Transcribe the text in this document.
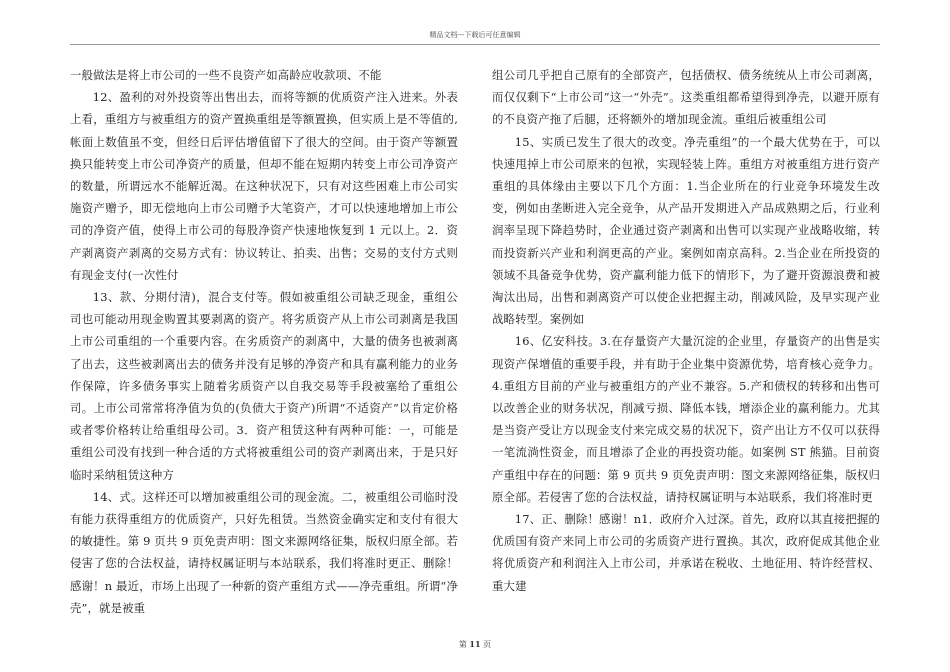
精品文档---下载后可任意编辑

一般做法是将上市公司的一些不良资产如高龄应收款项、不能

12、盈利的对外投资等出售出去，而将等额的优质资产注入进来。外表上看，重组方与被重组方的资产置换重组是等额置换，但实质上是不等值的,帐面上数值虽不变，但经日后评估增值留下了很大的空间。由于资产等额置换只能转变上市公司净资产的质量，但却不能在短期内转变上市公司净资产的数量，所谓远水不能解近渴。在这种状况下，只有对这些困难上市公司实施资产赠予，即无偿地向上市公司赠予大笔资产，才可以快速地增加上市公司的净资产值，使得上市公司的每股净资产快速地恢复到 1 元以上。2．资产剥离资产剥离的交易方式有：协议转让、拍卖、出售；交易的支付方式则有现金支付(一次性付

13、款、分期付清)，混合支付等。假如被重组公司缺乏现金，重组公司也可能动用现金购置其要剥离的资产。将劣质资产从上市公司剥离是我国上市公司重组的一个重要内容。在劣质资产的剥离中，大量的债务也被剥离了出去，这些被剥离出去的债务并没有足够的净资产和具有赢利能力的业务作保障，许多债务事实上随着劣质资产以自我交易等手段被塞给了重组公司。上市公司常常将净值为负的(负债大于资产)所谓“不适资产”以肯定价格或者零价格转让给重组母公司。3．资产租赁这种有两种可能：一，可能是重组公司没有找到一种合适的方式将被重组公司的资产剥离出来，于是只好临时采纳租赁这种方

14、式。这样还可以增加被重组公司的现金流。二，被重组公司临时没有能力获得重组方的优质资产，只好先租赁。当然资金确实定和支付有很大的敏捷性。第 9 页共 9 页免责声明：图文来源网络征集，版权归原全部。若侵害了您的合法权益，请持权属证明与本站联系，我们将准时更正、删除！感谢！n 最近，市场上出现了一种新的资产重组方式——净壳重组。所谓“净壳”，就是被重

组公司几乎把自己原有的全部资产，包括债权、债务统统从上市公司剥离，而仅仅剩下“上市公司”这一“外壳”。这类重组都希望得到净壳，以避开原有的不良资产拖了后腿，还将额外的增加现金流。重组后被重组公司

15、实质已发生了很大的改变。净壳重组”的一个最大优势在于，可以快速甩掉上市公司原来的包袱，实现轻装上阵。重组方对被重组方进行资产重组的具体缘由主要以下几个方面：1.当企业所在的行业竞争环境发生改变，例如由垄断进入完全竞争，从产品开发期进入产品成熟期之后，行业利润率呈现下降趋势时，企业通过资产剥离和出售可以实现产业战略收缩，转而投资新兴产业和利润更高的产业。案例如南京高科。2.当企业在所投资的领域不具备竞争优势，资产赢利能力低下的情形下，为了避开资源浪费和被淘汰出局，出售和剥离资产可以使企业把握主动，削减风险，及早实现产业战略转型。案例如

16、亿安科技。3.在存量资产大量沉淀的企业里，存量资产的出售是实现资产保增值的重要手段，并有助于企业集中资源优势，培育核心竞争力。4.重组方目前的产业与被重组方的产业不兼容。5.产和债权的转移和出售可以改善企业的财务状况，削减亏损、降低本钱，增添企业的赢利能力。尤其是当资产受让方以现金支付来完成交易的状况下，资产出让方不仅可以获得一笔流淌性资金，而且增添了企业的再投资功能。如案例 ST 熊猫。目前资产重组中存在的问题：第 9 页共 9 页免责声明：图文来源网络征集，版权归原全部。若侵害了您的合法权益，请持权属证明与本站联系，我们将准时更

17、正、删除！感谢！n1．政府介入过深。首先，政府以其直接把握的优质国有资产来同上市公司的劣质资产进行置换。其次，政府促成其他企业将优质资产和利润注入上市公司，并承诺在税收、土地征用、特许经营权、重大建

第 11 页
